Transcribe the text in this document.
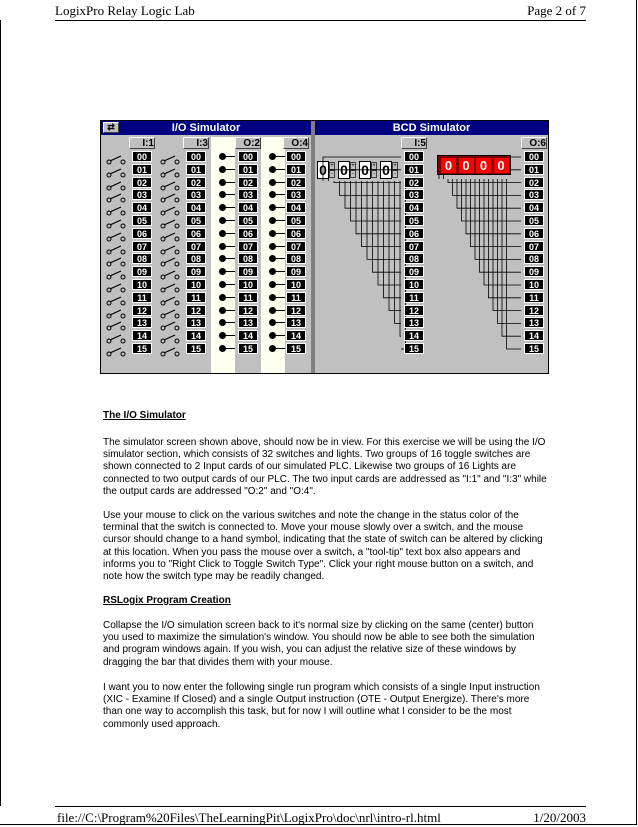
LogixPro Relay Logic Lab	Page 2 of 7
⇄	I/O Simulator	BCD Simulator
I:1
00
01
02
03
04
05
06
07
08
09
10
11
12
13
14
15
I:3
00
01
02
03
04
05
06
07
08
09
10
11
12
13
14
15
O:2
00
01
02
03
04
05
06
07
08
09
10
11
12
13
14
15
O:4
00
01
02
03
04
05
06
07
08
09
10
11
12
13
14
15
0 +
- 0 +
- 0 +
- 0 +
-
I:5
00
01
02
03
04
05
06
07
08
09
10
11
12
13
14
15
O:6
00
01
02
03
04
05
06
07
08
09
10
11
12
13
14
15
0 0 0 0
The I/O Simulator
The simulator screen shown above, should now be in view. For this exercise we will be using the I/O simulator section, which consists of 32 switches and lights. Two groups of 16 toggle switches are shown connected to 2 Input cards of our simulated PLC. Likewise two groups of 16 Lights are connected to two output cards of our PLC. The two input cards are addressed as "I:1" and "I:3" while the output cards are addressed "O:2" and "O:4".
Use your mouse to click on the various switches and note the change in the status color of the terminal that the switch is connected to. Move your mouse slowly over a switch, and the mouse cursor should change to a hand symbol, indicating that the state of switch can be altered by clicking at this location. When you pass the mouse over a switch, a "tool-tip" text box also appears and informs you to "Right Click to Toggle Switch Type". Click your right mouse button on a switch, and note how the switch type may be readily changed.
RSLogix Program Creation
Collapse the I/O simulation screen back to it's normal size by clicking on the same (center) button you used to maximize the simulation's window. You should now be able to see both the simulation and program windows again. If you wish, you can adjust the relative size of these windows by dragging the bar that divides them with your mouse.
I want you to now enter the following single run program which consists of a single Input instruction (XIC - Examine If Closed) and a single Output instruction (OTE - Output Energize). There's more than one way to accomplish this task, but for now I will outline what I consider to be the most commonly used approach.
file://C:\Program%20Files\TheLearningPit\LogixPro\doc\nrl\intro-rl.html	1/20/2003
